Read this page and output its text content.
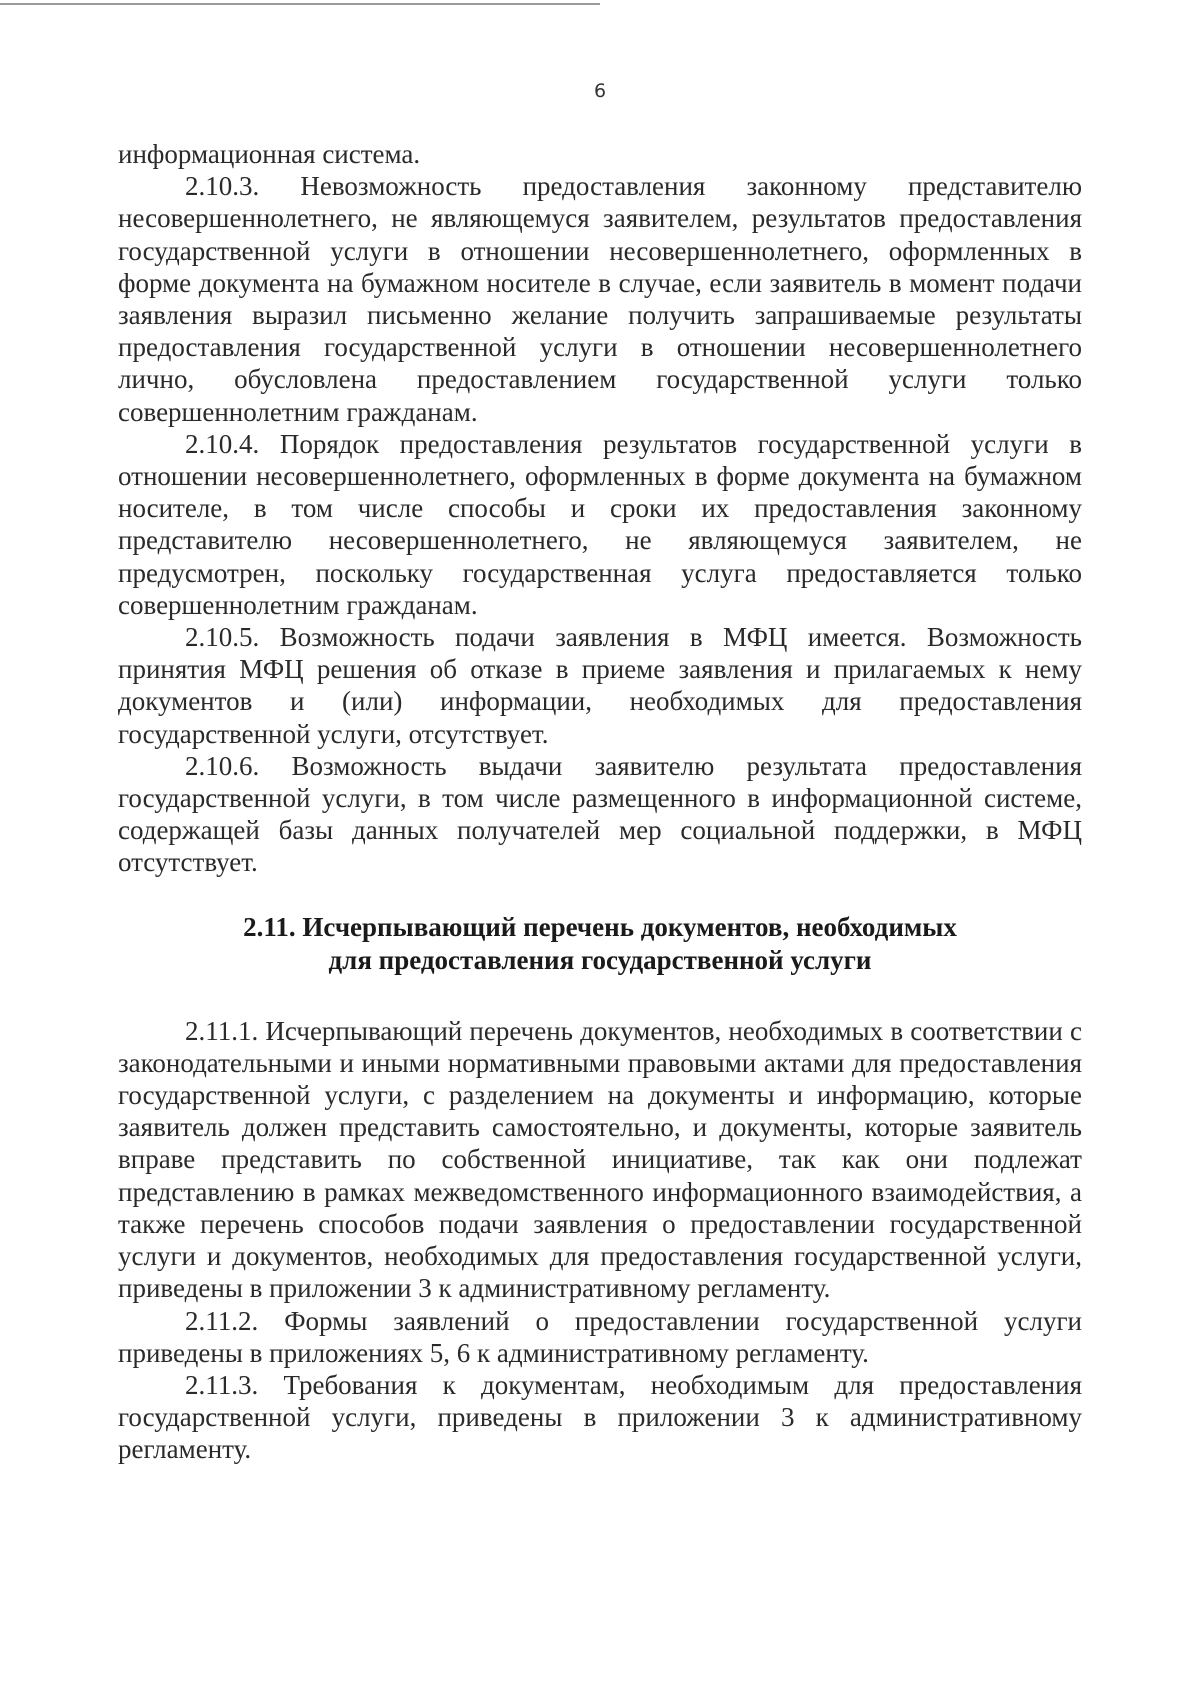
6

информационная система.

2.10.3. Невозможность предоставления законному представителю несовершеннолетнего, не являющемуся заявителем, результатов предоставления государственной услуги в отношении несовершеннолетнего, оформленных в форме документа на бумажном носителе в случае, если заявитель в момент подачи заявления выразил письменно желание получить запрашиваемые результаты предоставления государственной услуги в отношении несовершеннолетнего лично, обусловлена предоставлением государственной услуги только совершеннолетним гражданам.

2.10.4. Порядок предоставления результатов государственной услуги в отношении несовершеннолетнего, оформленных в форме документа на бумажном носителе, в том числе способы и сроки их предоставления законному представителю несовершеннолетнего, не являющемуся заявителем, не предусмотрен, поскольку государственная услуга предоставляется только совершеннолетним гражданам.

2.10.5. Возможность подачи заявления в МФЦ имеется. Возможность принятия МФЦ решения об отказе в приеме заявления и прилагаемых к нему документов и (или) информации, необходимых для предоставления государственной услуги, отсутствует.

2.10.6. Возможность выдачи заявителю результата предоставления государственной услуги, в том числе размещенного в информационной системе, содержащей базы данных получателей мер социальной поддержки, в МФЦ отсутствует.

2.11. Исчерпывающий перечень документов, необходимых
для предоставления государственной услуги

2.11.1. Исчерпывающий перечень документов, необходимых в соответствии с законодательными и иными нормативными правовыми актами для предоставления государственной услуги, с разделением на документы и информацию, которые заявитель должен представить самостоятельно, и документы, которые заявитель вправе представить по собственной инициативе, так как они подлежат представлению в рамках межведомственного информационного взаимодействия, а также перечень способов подачи заявления о предоставлении государственной услуги и документов, необходимых для предоставления государственной услуги, приведены в приложении 3 к административному регламенту.

2.11.2. Формы заявлений о предоставлении государственной услуги приведены в приложениях 5, 6 к административному регламенту.

2.11.3. Требования к документам, необходимым для предоставления государственной услуги, приведены в приложении 3 к административному регламенту.
